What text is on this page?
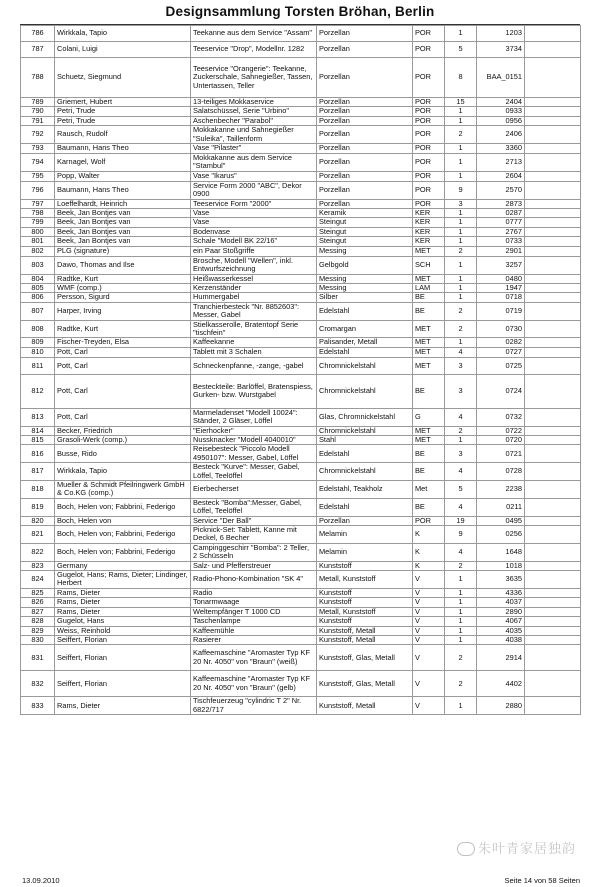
Designsammlung Torsten Bröhan, Berlin
786	Wirkkala, Tapio	Teekanne aus dem Service "Assam"	Porzellan	POR	1	1203	
787	Colani, Luigi	Teeservice "Drop", Modellnr. 1282	Porzellan	POR	5	3734	
788	Schuetz, Siegmund	Teeservice "Orangerie": Teekanne, Zuckerschale, Sahnegießer, Tassen, Untertassen, Teller	Porzellan	POR	8	BAA_0151	
789	Griemert, Hubert	13-teiliges Mokkaservice	Porzellan	POR	15	2404	
790	Petri, Trude	Salatschüssel, Serie "Urbino"	Porzellan	POR	1	0933	
791	Petri, Trude	Aschenbecher "Parabol"	Porzellan	POR	1	0956	
792	Rausch, Rudolf	Mokkakanne und Sahnegießer "Suleika", Taillenform	Porzellan	POR	2	2406	
793	Baumann, Hans Theo	Vase "Pilaster"	Porzellan	POR	1	3360	
794	Karnagel, Wolf	Mokkakanne aus dem Service "Stambul"	Porzellan	POR	1	2713	
795	Popp, Walter	Vase "Ikarus"	Porzellan	POR	1	2604	
796	Baumann, Hans Theo	Service Form 2000 "ABC", Dekor 0900	Porzellan	POR	9	2570	
797	Loeffelhardt, Heinrich	Teeservice Form "2000"	Porzellan	POR	3	2873	
798	Beek, Jan Bontjes van	Vase	Keramik	KER	1	0287	
799	Beek, Jan Bontjes van	Vase	Steingut	KER	1	0777	
800	Beek, Jan Bontjes van	Bodenvase	Steingut	KER	1	2767	
801	Beek, Jan Bontjes van	Schale "Modell BK 22/16"	Steingut	KER	1	0733	
802	PLG (signature)	ein Paar Stoßgriffe	Messing	MET	2	2901	
803	Dawo, Thomas and Ilse	Brosche, Modell "Wellen", inkl. Entwurfszeichnung	Gelbgold	SCH	1	3257	
804	Radtke, Kurt	Heißwasserkessel	Messing	MET	1	0480	
805	WMF (comp.)	Kerzenständer	Messing	LAM	1	1947	
806	Persson, Sigurd	Hummergabel	Silber	BE	1	0718	
807	Harper, Irving	Tranchierbesteck "Nr. 8852603": Messer, Gabel	Edelstahl	BE	2	0719	
808	Radtke, Kurt	Stielkasserolle, Bratentopf Serie "tischfein"	Cromargan	MET	2	0730	
809	Fischer-Treyden, Elsa	Kaffeekanne	Palisander, Metall	MET	1	0282	
810	Pott, Carl	Tablett mit 3 Schalen	Edelstahl	MET	4	0727	
811	Pott, Carl	Schneckenpfanne, -zange, -gabel	Chromnickelstahl	MET	3	0725	
812	Pott, Carl	Besteckteile: Barlöffel, Bratenspiess, Gurken- bzw. Wurstgabel	Chromnickelstahl	BE	3	0724	
813	Pott, Carl	Marmeladenset "Modell 10024": Ständer, 2 Gläser, Löffel	Glas, Chromnickelstahl	G	4	0732	
814	Becker, Friedrich	"Eierhocker"	Chromnickelstahl	MET	2	0722	
815	Grasoli-Werk (comp.)	Nussknacker "Modell 4040010"	Stahl	MET	1	0720	
816	Busse, Rido	Reisebesteck "Piccolo Modell 4950107": Messer, Gabel, Löffel	Edelstahl	BE	3	0721	
817	Wirkkala, Tapio	Besteck "Kurve": Messer, Gabel, Löffel, Teelöffel	Chromnickelstahl	BE	4	0728	
818	Mueller & Schmidt Pfeilringwerk GmbH & Co.KG (comp.)	Eierbecherset	Edelstahl, Teakholz	Met	5	2238	
819	Boch, Helen von; Fabbrini, Federigo	Besteck "Bomba":Messer, Gabel, Löffel, Teelöffel	Edelstahl	BE	4	0211	
820	Boch, Helen von	Service "Der Ball"	Porzellan	POR	19	0495	
821	Boch, Helen von; Fabbrini, Federigo	Picknick-Set: Tablett, Kanne mit Deckel, 6 Becher	Melamin	K	9	0256	
822	Boch, Helen von; Fabbrini, Federigo	Campinggeschirr "Bomba": 2 Teller, 2 Schüsseln	Melamin	K	4	1648	
823	Germany	Salz- und Pfefferstreuer	Kunststoff	K	2	1018	
824	Gugelot, Hans; Rams, Dieter; Lindinger, Herbert	Radio-Phono-Kombination "SK 4"	Metall, Kunststoff	V	1	3635	
825	Rams, Dieter	Radio	Kunststoff	V	1	4336	
826	Rams, Dieter	Tonarmwaage	Kunststoff	V	1	4037	
827	Rams, Dieter	Weltempfänger T 1000 CD	Metall, Kunststoff	V	1	2890	
828	Gugelot, Hans	Taschenlampe	Kunststoff	V	1	4067	
829	Weiss, Reinhold	Kaffeemühle	Kunststoff, Metall	V	1	4035	
830	Seiffert, Florian	Rasierer	Kunststoff, Metall	V	1	4038	
831	Seiffert, Florian	Kaffeemaschine "Aromaster Typ KF 20 Nr. 4050" von "Braun" (weiß)	Kunststoff, Glas, Metall	V	2	2914	
832	Seiffert, Florian	Kaffeemaschine "Aromaster Typ KF 20 Nr. 4050" von "Braun" (gelb)	Kunststoff, Glas, Metall	V	2	4402	
833	Rams, Dieter	Tischfeuerzeug "cylindric T 2" Nr. 6822/717	Kunststoff, Metall	V	1	2880	
朱叶青家居独韵
13.09.2010	Seite 14 von 58 Seiten
